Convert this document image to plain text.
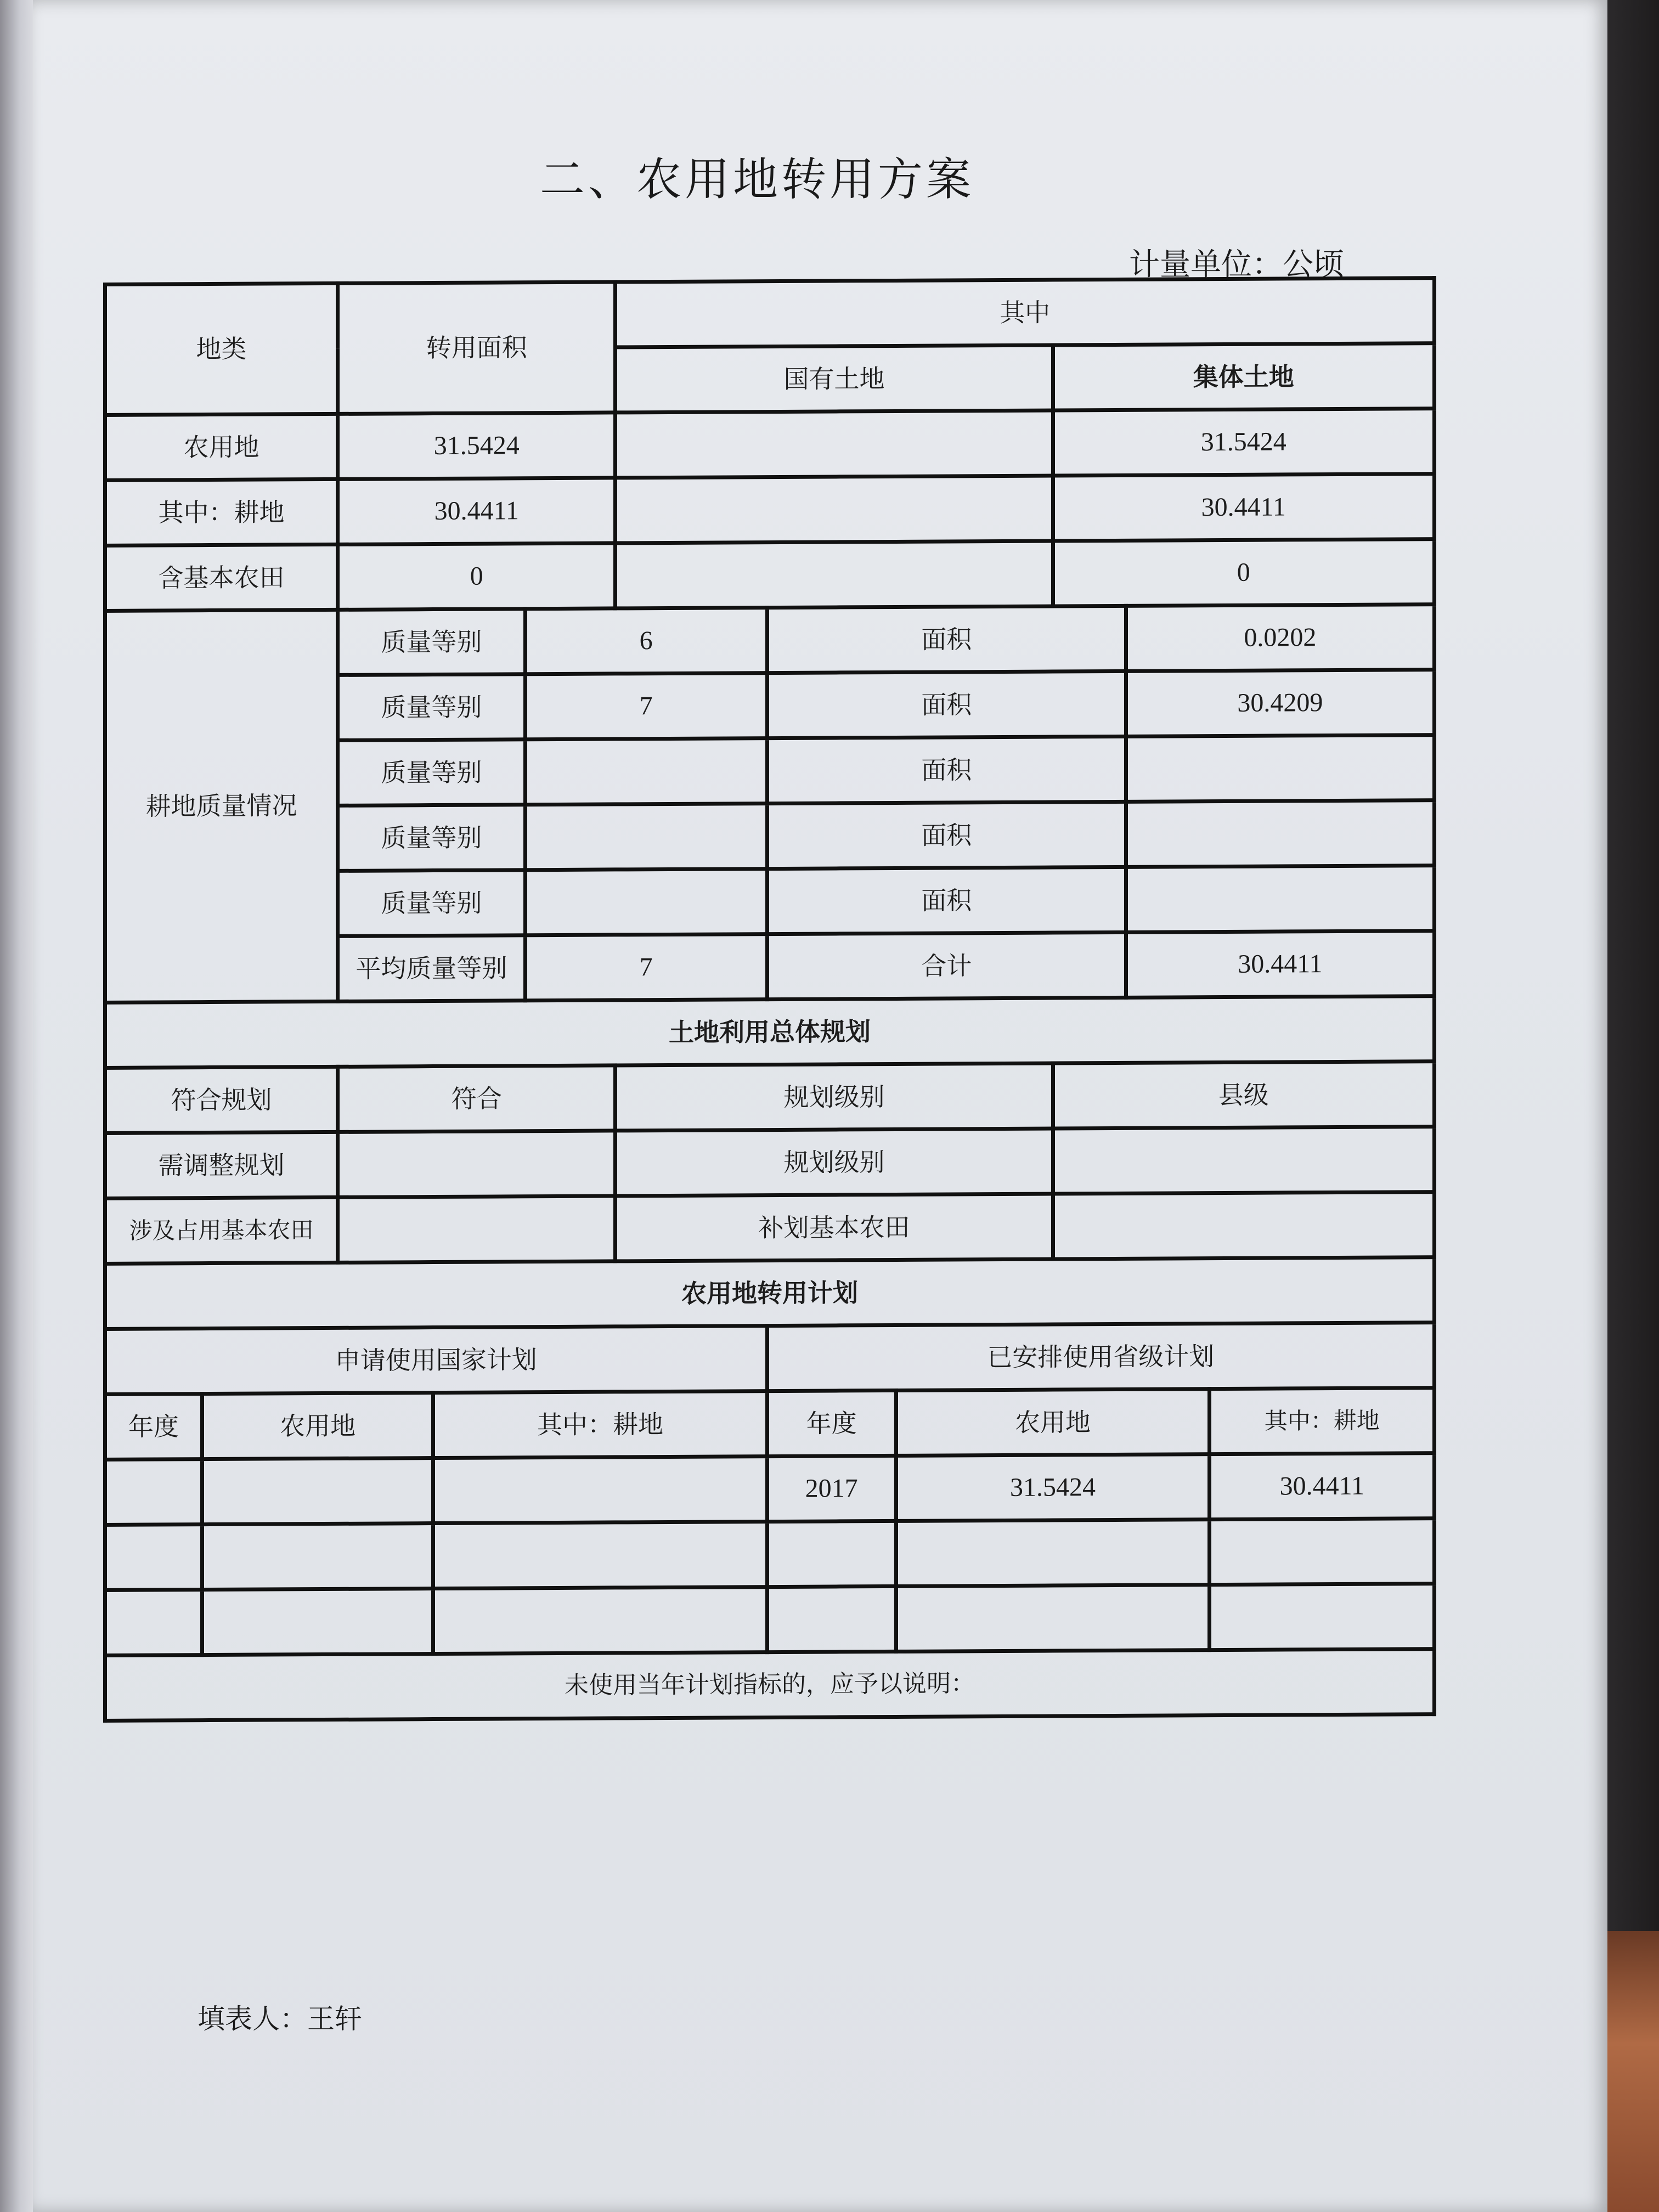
二、农用地转用方案
计量单位：公顷
地类		转用面积			其中					
					国有土地			集体土地		
农用地		31.5424						31.5424		
其中：耕地		30.4411						30.4411		
含基本农田		0						0		
耕地质量情况		质量等别		6		面积			0.0202	
		质量等别		7		面积			30.4209	
		质量等别				面积				
		质量等别				面积				
		质量等别				面积				
		平均质量等别		7		合计			30.4411	
土地利用总体规划										
符合规划		符合			规划级别			县级		
需调整规划					规划级别					
涉及占用基本农田					补划基本农田					
农用地转用计划										
申请使用国家计划						已安排使用省级计划				
年度	农用地		其中：耕地			年度	农用地			其中：耕地
						2017	31.5424			30.4411

未使用当年计划指标的，应予以说明：										
填表人：王轩
